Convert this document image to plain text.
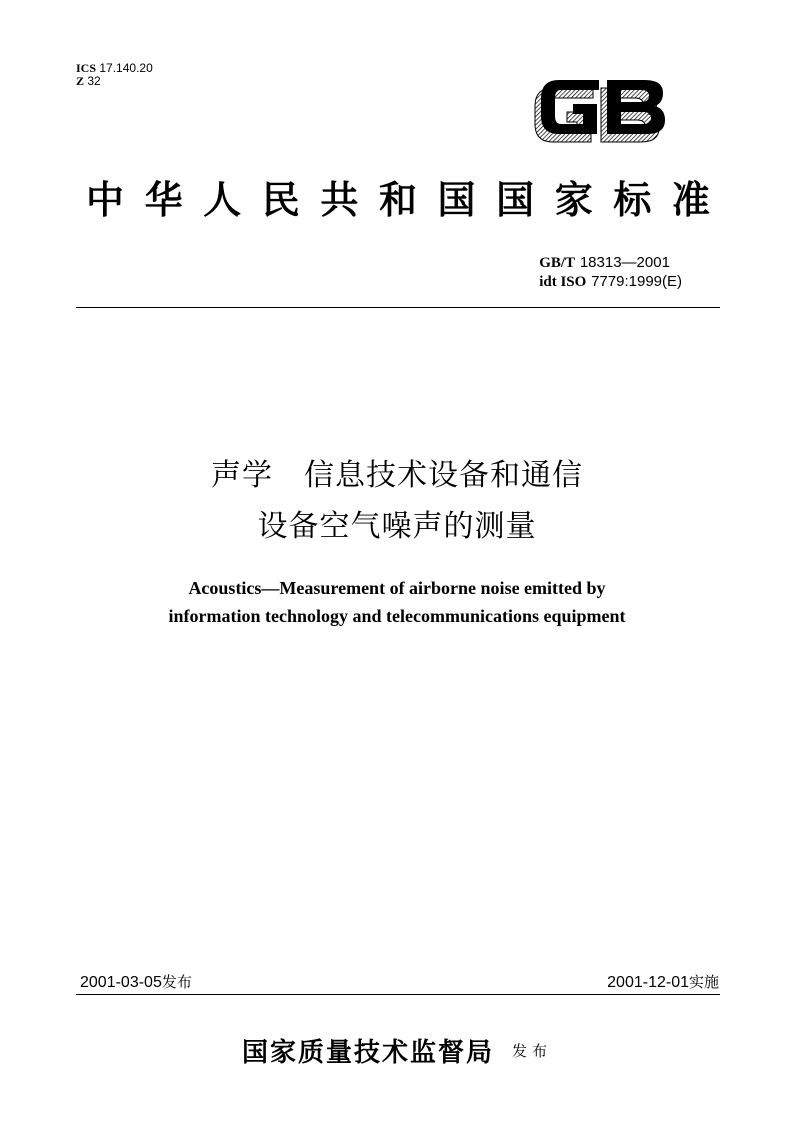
ICS 17.140.20
Z 32	GB
中 华 人 民 共 和 国 国 家 标 准
GB/T 18313—2001
idt ISO 7779:1999(E)
声学　信息技术设备和通信
设备空气噪声的测量
Acoustics—Measurement of airborne noise emitted by
information technology and telecommunications equipment
2001-03-05发布	2001-12-01实施
国家质量技术监督局 发布
